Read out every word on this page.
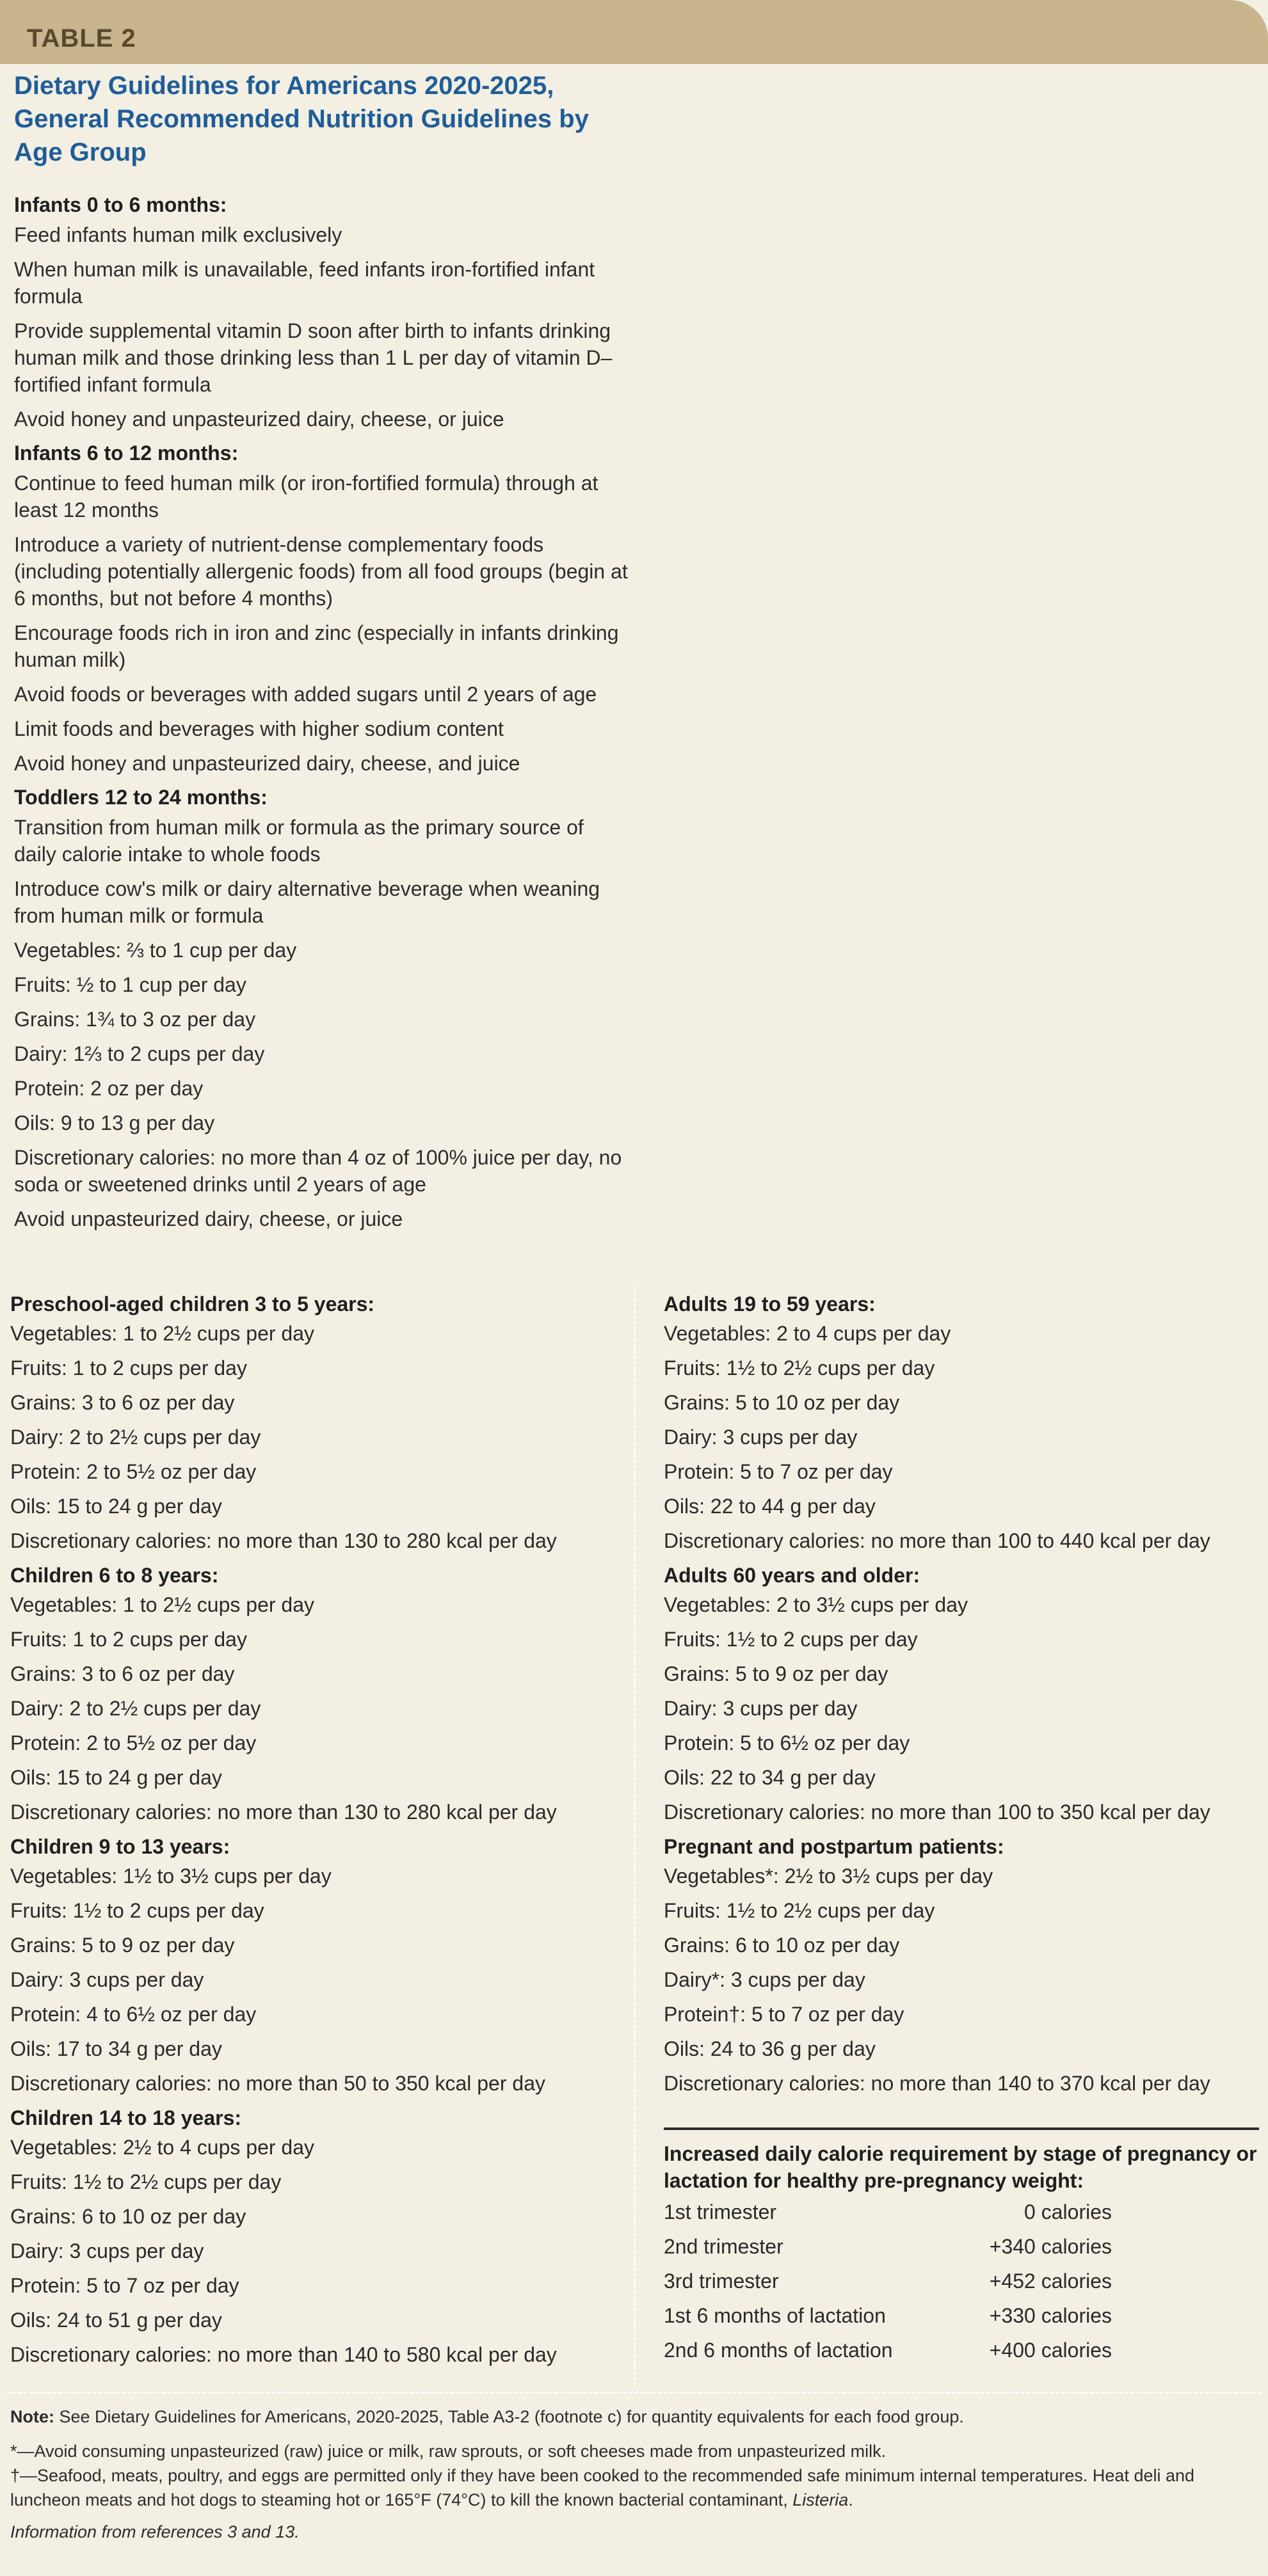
TABLE 2
Dietary Guidelines for Americans 2020-2025, General Recommended Nutrition Guidelines by Age Group
Infants 0 to 6 months:
Feed infants human milk exclusively
When human milk is unavailable, feed infants iron-fortified infant formula
Provide supplemental vitamin D soon after birth to infants drinking human milk and those drinking less than 1 L per day of vitamin D–fortified infant formula
Avoid honey and unpasteurized dairy, cheese, or juice
Infants 6 to 12 months:
Continue to feed human milk (or iron-fortified formula) through at least 12 months
Introduce a variety of nutrient-dense complementary foods (including potentially allergenic foods) from all food groups (begin at 6 months, but not before 4 months)
Encourage foods rich in iron and zinc (especially in infants drinking human milk)
Avoid foods or beverages with added sugars until 2 years of age
Limit foods and beverages with higher sodium content
Avoid honey and unpasteurized dairy, cheese, and juice
Toddlers 12 to 24 months:
Transition from human milk or formula as the primary source of daily calorie intake to whole foods
Introduce cow's milk or dairy alternative beverage when weaning from human milk or formula
Vegetables: ⅔ to 1 cup per day
Fruits: ½ to 1 cup per day
Grains: 1¾ to 3 oz per day
Dairy: 1⅔ to 2 cups per day
Protein: 2 oz per day
Oils: 9 to 13 g per day
Discretionary calories: no more than 4 oz of 100% juice per day, no soda or sweetened drinks until 2 years of age
Avoid unpasteurized dairy, cheese, or juice
Preschool-aged children 3 to 5 years:
Vegetables: 1 to 2½ cups per day
Fruits: 1 to 2 cups per day
Grains: 3 to 6 oz per day
Dairy: 2 to 2½ cups per day
Protein: 2 to 5½ oz per day
Oils: 15 to 24 g per day
Discretionary calories: no more than 130 to 280 kcal per day
Children 6 to 8 years:
Vegetables: 1 to 2½ cups per day
Fruits: 1 to 2 cups per day
Grains: 3 to 6 oz per day
Dairy: 2 to 2½ cups per day
Protein: 2 to 5½ oz per day
Oils: 15 to 24 g per day
Discretionary calories: no more than 130 to 280 kcal per day
Children 9 to 13 years:
Vegetables: 1½ to 3½ cups per day
Fruits: 1½ to 2 cups per day
Grains: 5 to 9 oz per day
Dairy: 3 cups per day
Protein: 4 to 6½ oz per day
Oils: 17 to 34 g per day
Discretionary calories: no more than 50 to 350 kcal per day
Children 14 to 18 years:
Vegetables: 2½ to 4 cups per day
Fruits: 1½ to 2½ cups per day
Grains: 6 to 10 oz per day
Dairy: 3 cups per day
Protein: 5 to 7 oz per day
Oils: 24 to 51 g per day
Discretionary calories: no more than 140 to 580 kcal per day
Adults 19 to 59 years:
Vegetables: 2 to 4 cups per day
Fruits: 1½ to 2½ cups per day
Grains: 5 to 10 oz per day
Dairy: 3 cups per day
Protein: 5 to 7 oz per day
Oils: 22 to 44 g per day
Discretionary calories: no more than 100 to 440 kcal per day
Adults 60 years and older:
Vegetables: 2 to 3½ cups per day
Fruits: 1½ to 2 cups per day
Grains: 5 to 9 oz per day
Dairy: 3 cups per day
Protein: 5 to 6½ oz per day
Oils: 22 to 34 g per day
Discretionary calories: no more than 100 to 350 kcal per day
Pregnant and postpartum patients:
Vegetables*: 2½ to 3½ cups per day
Fruits: 1½ to 2½ cups per day
Grains: 6 to 10 oz per day
Dairy*: 3 cups per day
Protein†: 5 to 7 oz per day
Oils: 24 to 36 g per day
Discretionary calories: no more than 140 to 370 kcal per day
Increased daily calorie requirement by stage of pregnancy or lactation for healthy pre-pregnancy weight:
1st trimester	0 calories
2nd trimester	+340 calories
3rd trimester	+452 calories
1st 6 months of lactation	+330 calories
2nd 6 months of lactation	+400 calories
Note: See Dietary Guidelines for Americans, 2020-2025, Table A3-2 (footnote c) for quantity equivalents for each food group.
*—Avoid consuming unpasteurized (raw) juice or milk, raw sprouts, or soft cheeses made from unpasteurized milk.
†—Seafood, meats, poultry, and eggs are permitted only if they have been cooked to the recommended safe minimum internal temperatures. Heat deli and luncheon meats and hot dogs to steaming hot or 165°F (74°C) to kill the known bacterial contaminant, Listeria.
Information from references 3 and 13.
